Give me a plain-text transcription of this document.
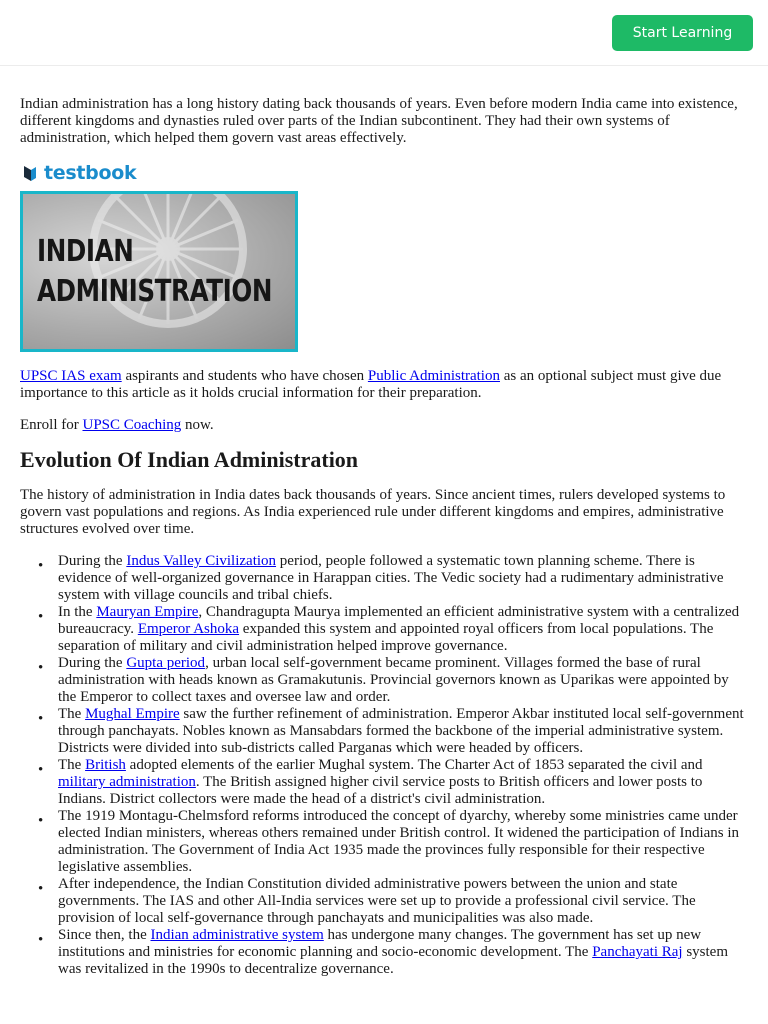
Start Learning

Indian administration has a long history dating back thousands of years. Even before modern India came into existence, different kingdoms and dynasties ruled over parts of the Indian subcontinent. They had their own systems of administration, which helped them govern vast areas effectively.

testbook
INDIAN
ADMINISTRATION

UPSC IAS exam aspirants and students who have chosen Public Administration as an optional subject must give due importance to this article as it holds crucial information for their preparation.

Enroll for UPSC Coaching now.

Evolution Of Indian Administration

The history of administration in India dates back thousands of years. Since ancient times, rulers developed systems to govern vast populations and regions. As India experienced rule under different kingdoms and empires, administrative structures evolved over time.

• During the Indus Valley Civilization period, people followed a systematic town planning scheme. There is evidence of well-organized governance in Harappan cities. The Vedic society had a rudimentary administrative system with village councils and tribal chiefs.
• In the Mauryan Empire, Chandragupta Maurya implemented an efficient administrative system with a centralized bureaucracy. Emperor Ashoka expanded this system and appointed royal officers from local populations. The separation of military and civil administration helped improve governance.
• During the Gupta period, urban local self-government became prominent. Villages formed the base of rural administration with heads known as Gramakutunis. Provincial governors known as Uparikas were appointed by the Emperor to collect taxes and oversee law and order.
• The Mughal Empire saw the further refinement of administration. Emperor Akbar instituted local self-government through panchayats. Nobles known as Mansabdars formed the backbone of the imperial administrative system. Districts were divided into sub-districts called Parganas which were headed by officers.
• The British adopted elements of the earlier Mughal system. The Charter Act of 1853 separated the civil and military administration. The British assigned higher civil service posts to British officers and lower posts to Indians. District collectors were made the head of a district's civil administration.
• The 1919 Montagu-Chelmsford reforms introduced the concept of dyarchy, whereby some ministries came under elected Indian ministers, whereas others remained under British control. It widened the participation of Indians in administration. The Government of India Act 1935 made the provinces fully responsible for their respective legislative assemblies.
• After independence, the Indian Constitution divided administrative powers between the union and state governments. The IAS and other All-India services were set up to provide a professional civil service. The provision of local self-governance through panchayats and municipalities was also made.
• Since then, the Indian administrative system has undergone many changes. The government has set up new institutions and ministries for economic planning and socio-economic development. The Panchayati Raj system was revitalized in the 1990s to decentralize governance.
